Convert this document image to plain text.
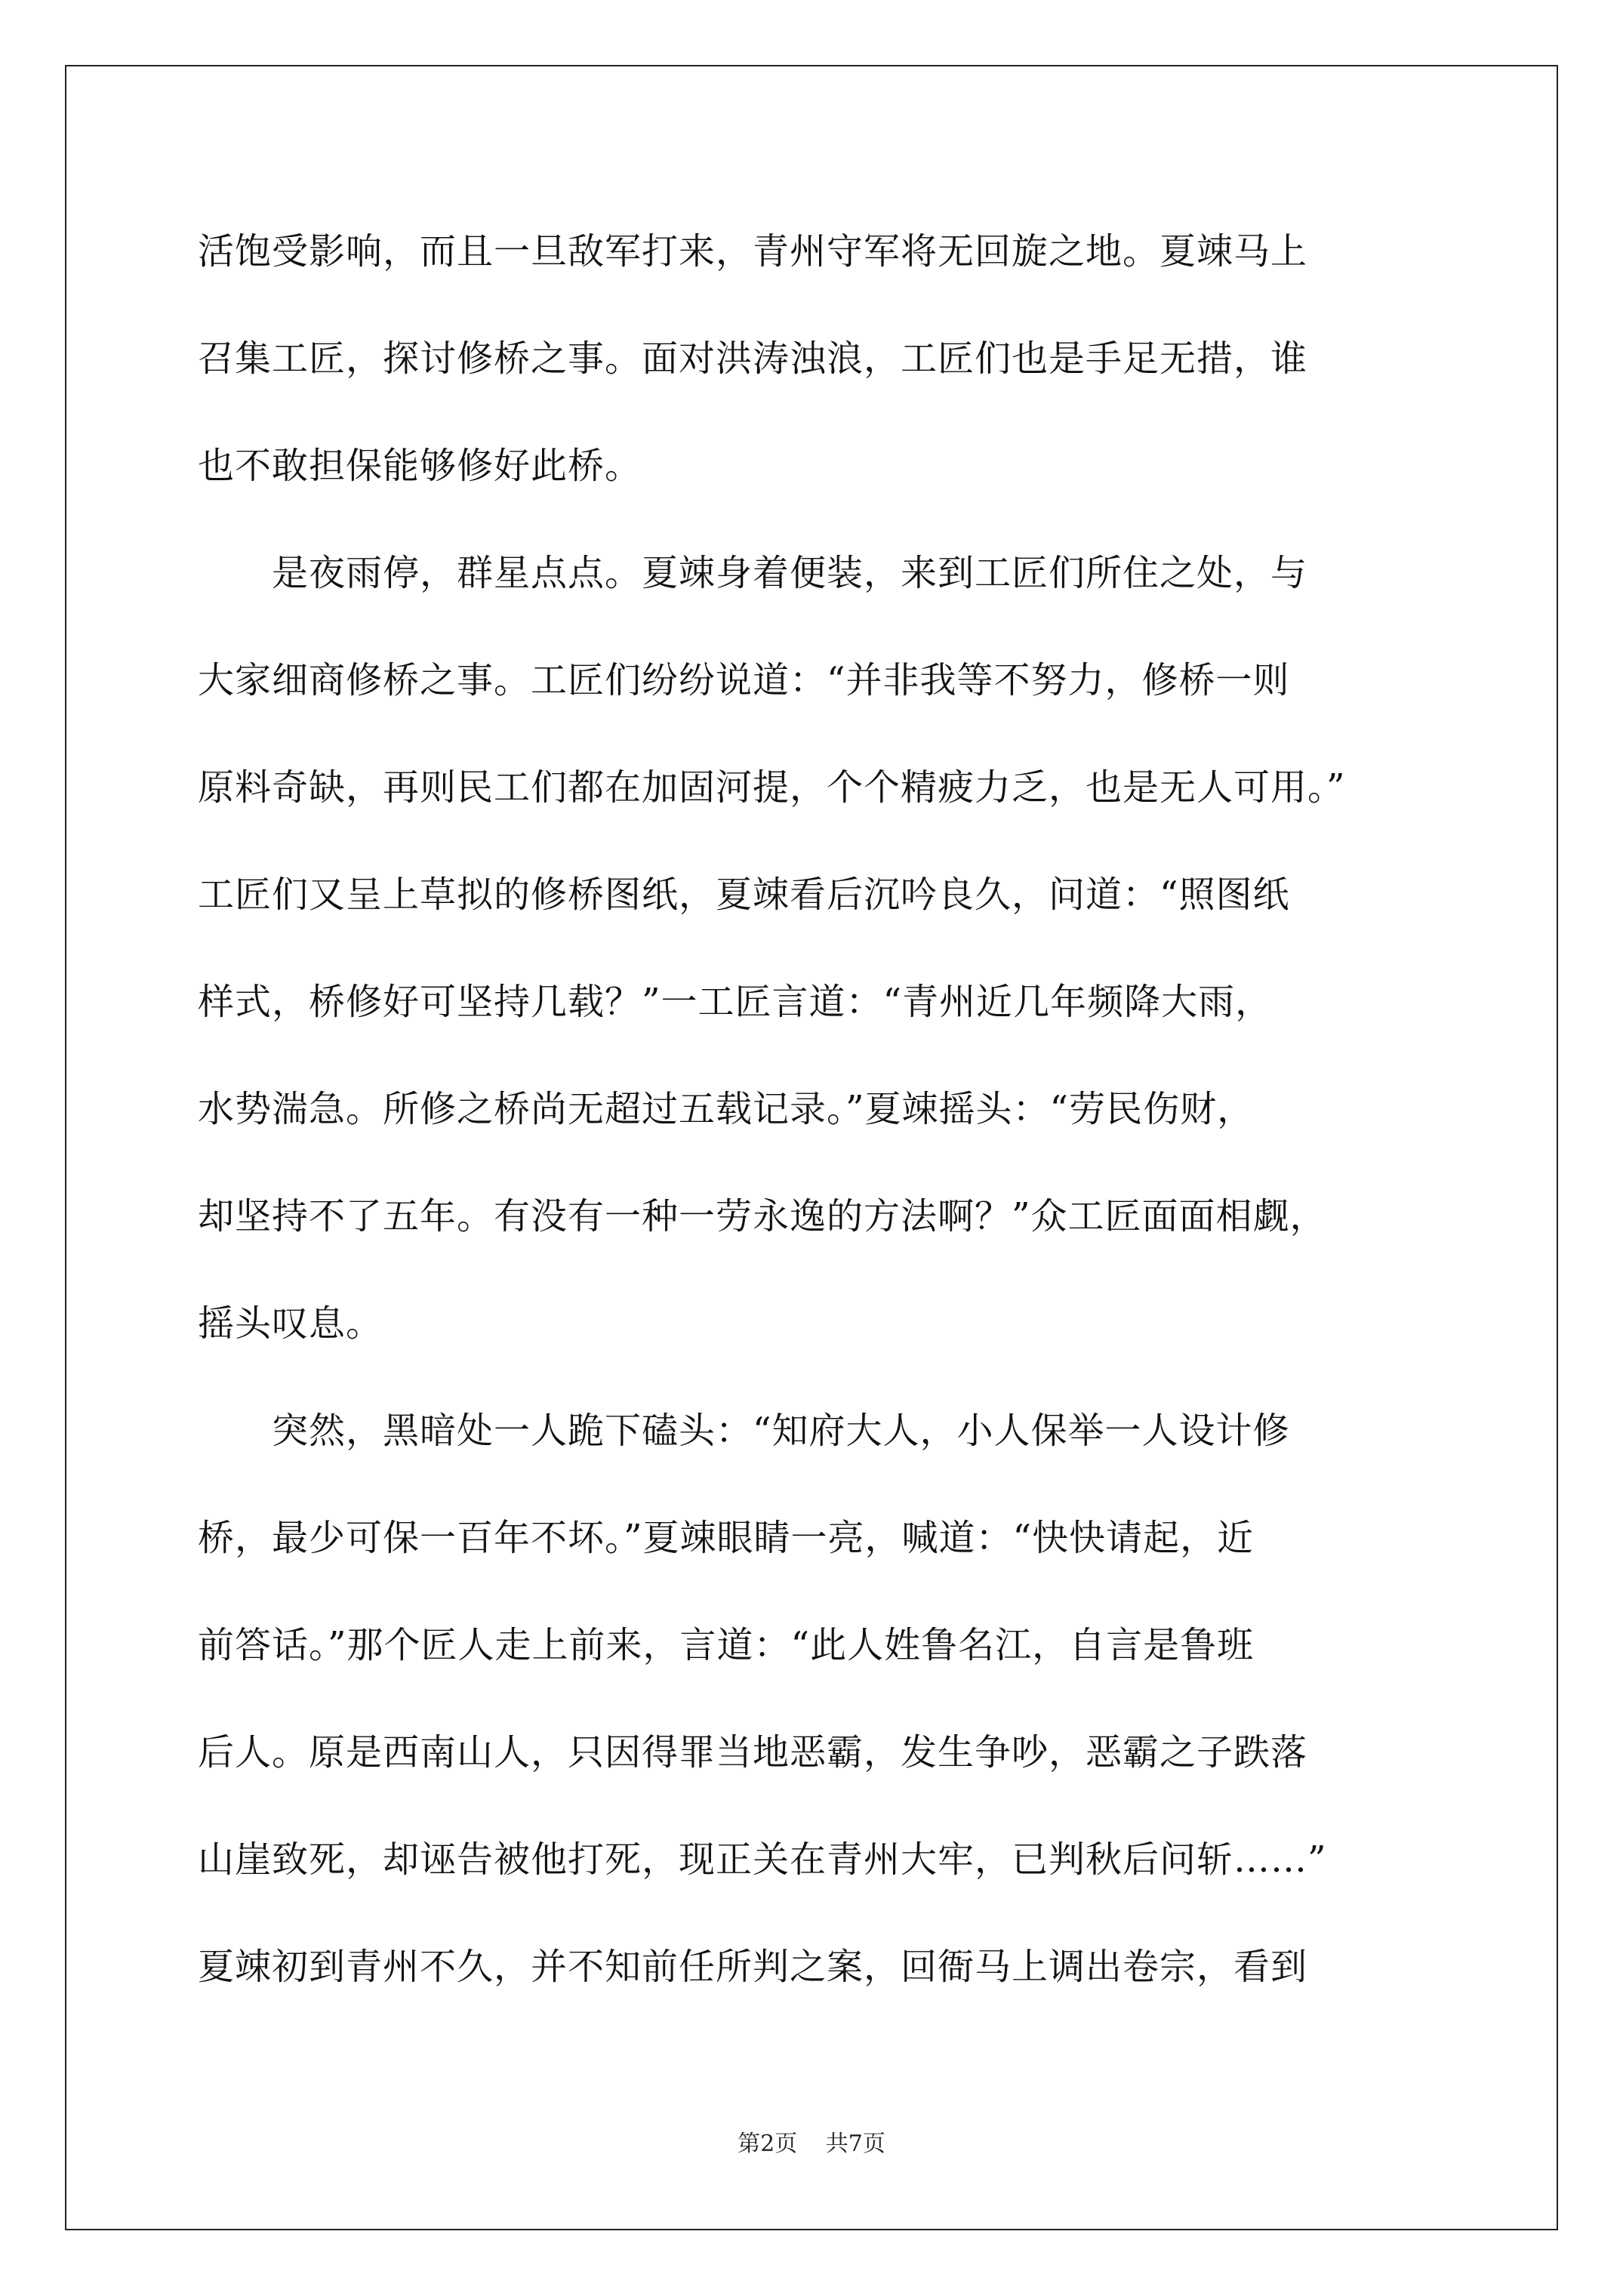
活饱受影响，而且一旦敌军打来，青州守军将无回旋之地。夏竦马上
召集工匠，探讨修桥之事。面对洪涛浊浪，工匠们也是手足无措，谁
也不敢担保能够修好此桥。
　　是夜雨停，群星点点。夏竦身着便装，来到工匠们所住之处，与
大家细商修桥之事。工匠们纷纷说道：“并非我等不努力，修桥一则
原料奇缺，再则民工们都在加固河提，个个精疲力乏，也是无人可用。”
工匠们又呈上草拟的修桥图纸，夏竦看后沉吟良久，问道：“照图纸
样式，桥修好可坚持几载？”一工匠言道：“青州近几年频降大雨，
水势湍急。所修之桥尚无超过五载记录。”夏竦摇头：“劳民伤财，
却坚持不了五年。有没有一种一劳永逸的方法啊？”众工匠面面相觑，
摇头叹息。
　　突然，黑暗处一人跪下磕头：“知府大人，小人保举一人设计修
桥，最少可保一百年不坏。”夏竦眼睛一亮，喊道：“快快请起，近
前答话。”那个匠人走上前来，言道：“此人姓鲁名江，自言是鲁班
后人。原是西南山人，只因得罪当地恶霸，发生争吵，恶霸之子跌落
山崖致死，却诬告被他打死，现正关在青州大牢，已判秋后问斩……”
夏竦初到青州不久，并不知前任所判之案，回衙马上调出卷宗，看到
第2页 共7页
